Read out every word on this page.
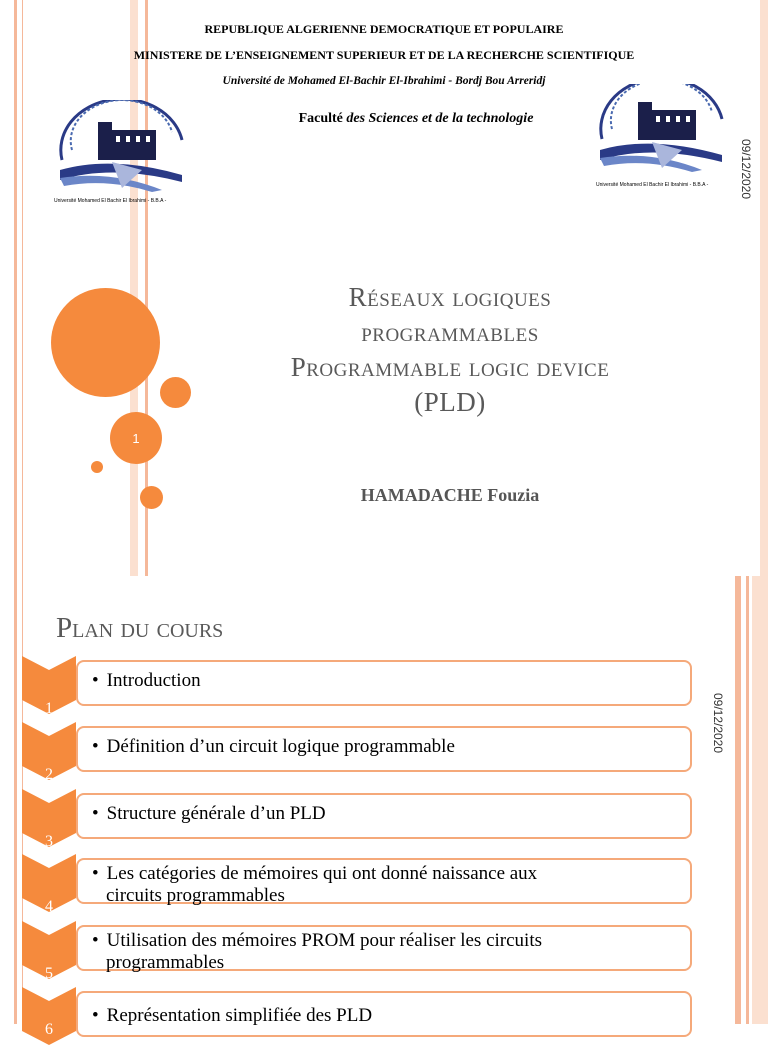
REPUBLIQUE ALGERIENNE DEMOCRATIQUE ET POPULAIRE
MINISTERE DE L’ENSEIGNEMENT SUPERIEUR ET DE LA RECHERCHE SCIENTIFIQUE
Université de Mohamed El-Bachir El-Ibrahimi - Bordj Bou Arreridj
Faculté des Sciences et de la technologie
Université Mohamed El Bachir El Ibrahimi - B.B.A -
Université Mohamed El Bachir El Ibrahimi - B.B.A -	09/12/2020
1
Réseaux logiques
programmables
Programmable logic device
(PLD)
HAMADACHE Fouzia
09/12/2020
Plan du cours
1
• Introduction
2
• Définition d’un circuit logique programmable
3
• Structure générale d’un PLD
4
• Les catégories de mémoires qui ont donné naissance aux
circuits programmables
5
• Utilisation des mémoires PROM pour réaliser les circuits
programmables
6
• Représentation simplifiée des PLD
